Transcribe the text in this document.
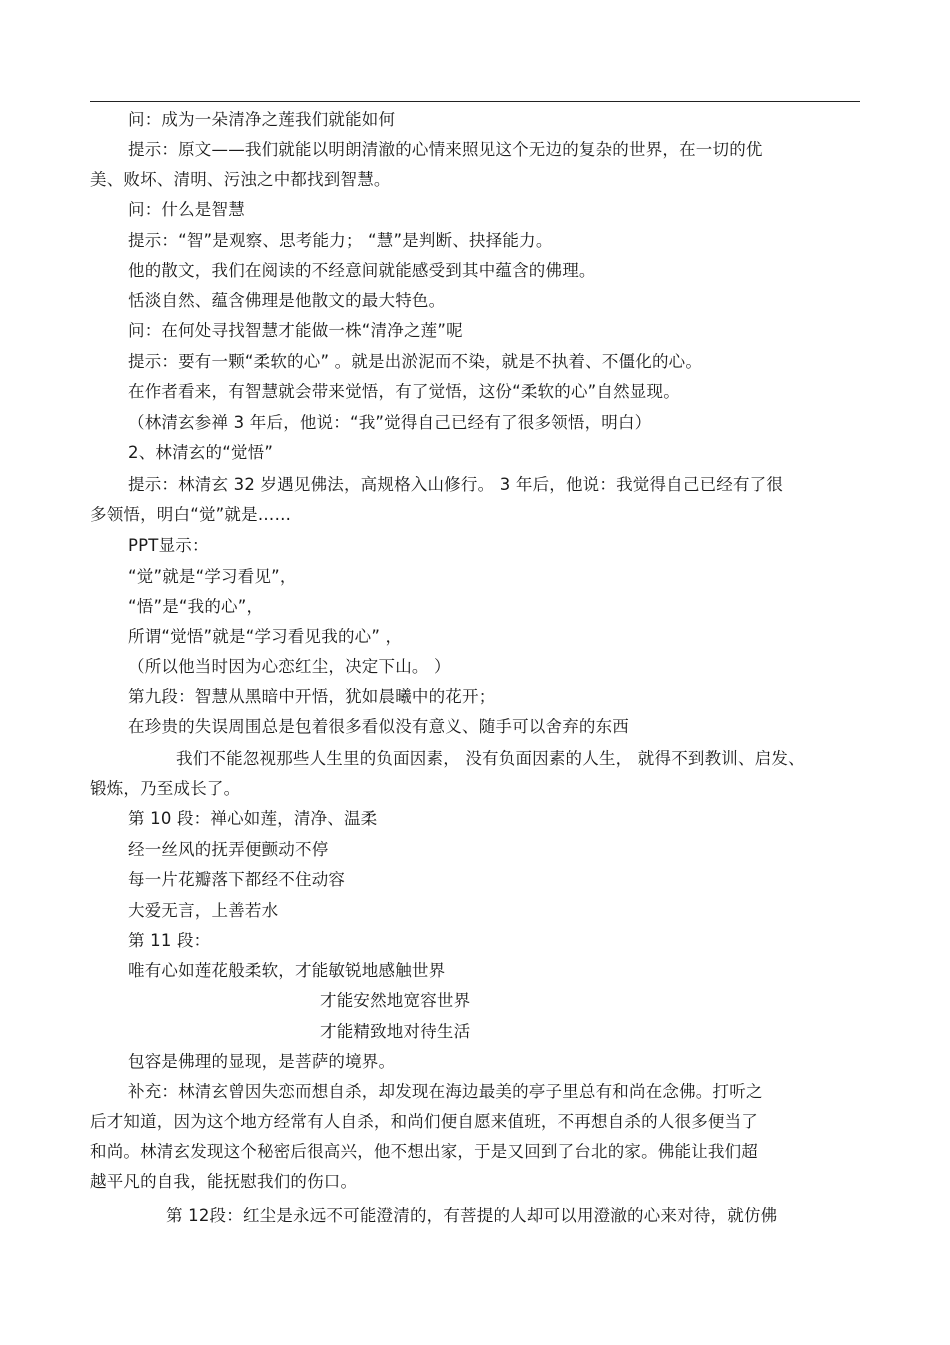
问：成为一朵清净之莲我们就能如何
提示：原文——我们就能以明朗清澈的心情来照见这个无边的复杂的世界，在一切的优
美、败坏、清明、污浊之中都找到智慧。
问：什么是智慧
提示：“智”是观察、思考能力； “慧”是判断、抉择能力。
他的散文，我们在阅读的不经意间就能感受到其中蕴含的佛理。
恬淡自然、蕴含佛理是他散文的最大特色。
问：在何处寻找智慧才能做一株“清净之莲”呢
提示：要有一颗“柔软的心” 。就是出淤泥而不染，就是不执着、不僵化的心。
在作者看来，有智慧就会带来觉悟，有了觉悟，这份“柔软的心”自然显现。
（林清玄参禅 3 年后，他说：“我”觉得自己已经有了很多领悟，明白）
2、林清玄的“觉悟”
提示：林清玄 32 岁遇见佛法，高规格入山修行。 3 年后，他说：我觉得自己已经有了很
多领悟，明白“觉”就是……
PPT显示：
“觉”就是“学习看见”，
“悟”是“我的心”，
所谓“觉悟”就是“学习看见我的心” ，
（所以他当时因为心恋红尘，决定下山。 ）
第九段：智慧从黑暗中开悟，犹如晨曦中的花开；
在珍贵的失误周围总是包着很多看似没有意义、随手可以舍弃的东西
我们不能忽视那些人生里的负面因素， 没有负面因素的人生， 就得不到教训、启发、
锻炼，乃至成长了。
第 10 段：禅心如莲，清净、温柔
经一丝风的抚弄便颤动不停
每一片花瓣落下都经不住动容
大爱无言，上善若水
第 11 段：
唯有心如莲花般柔软，才能敏锐地感触世界
才能安然地宽容世界
才能精致地对待生活
包容是佛理的显现，是菩萨的境界。
补充：林清玄曾因失恋而想自杀，却发现在海边最美的亭子里总有和尚在念佛。打听之
后才知道，因为这个地方经常有人自杀，和尚们便自愿来值班，不再想自杀的人很多便当了
和尚。林清玄发现这个秘密后很高兴，他不想出家，于是又回到了台北的家。佛能让我们超
越平凡的自我，能抚慰我们的伤口。
第 12段：红尘是永远不可能澄清的，有菩提的人却可以用澄澈的心来对待，就仿佛
